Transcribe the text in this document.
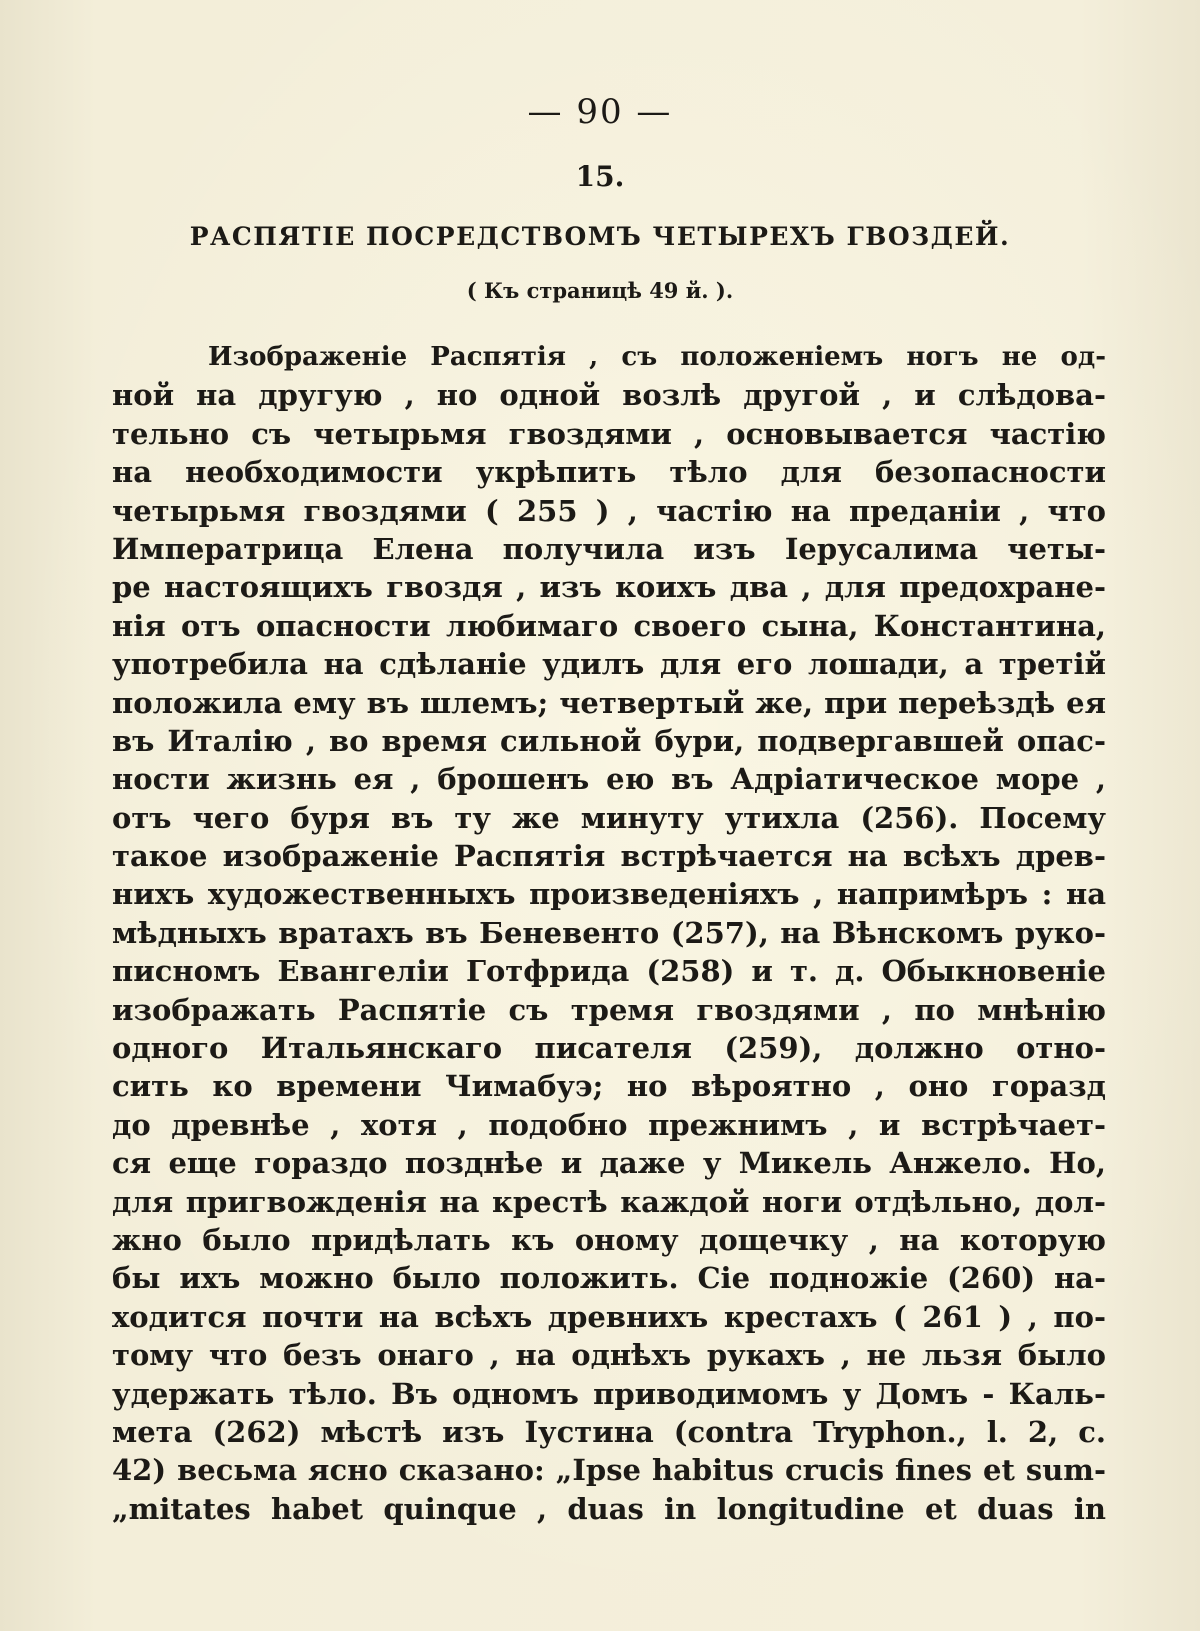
— 90 —
15.
РАСПЯТІЕ ПОСРЕДСТВОМЪ ЧЕТЫРЕХЪ ГВОЗДЕЙ.
( Къ страницѣ 49 й. ).
Изображеніе Распятія , съ положеніемъ ногъ не од-
ной на другую , но одной возлѣ другой , и слѣдова-
тельно съ четырьмя гвоздями , основывается частію
на необходимости укрѣпить тѣло для безопасности
четырьмя гвоздями ( 255 ) , частію на преданіи , что
Императрица Елена получила изъ Іерусалима четы-
ре настоящихъ гвоздя , изъ коихъ два , для предохране-
нія отъ опасности любимаго своего сына, Константина,
употребила на сдѣланіе удилъ для его лошади, а третій
положила ему въ шлемъ; четвертый же, при переѣздѣ ея
въ Италію , во время сильной бури, подвергавшей опас-
ности жизнь ея , брошенъ ею въ Адріатическое море ,
отъ чего буря въ ту же минуту утихла (256). Посему
такое изображеніе Распятія встрѣчается на всѣхъ древ-
нихъ художественныхъ произведеніяхъ , напримѣръ : на
мѣдныхъ вратахъ въ Беневенто (257), на Вѣнскомъ руко-
писномъ Евангеліи Готфрида (258) и т. д. Обыкновеніе
изображать Распятіе съ тремя гвоздями , по мнѣнію
одного Итальянскаго писателя (259), должно отно-
сить ко времени Чимабуэ; но вѣроятно , оно горазд
до древнѣе , хотя , подобно прежнимъ , и встрѣчает-
ся еще гораздо позднѣе и даже у Микель Анжело. Но,
для пригвожденія на крестѣ каждой ноги отдѣльно, дол-
жно было придѣлать къ оному дощечку , на которую
бы ихъ можно было положить. Сіе подножіе (260) на-
ходится почти на всѣхъ древнихъ крестахъ ( 261 ) , по-
тому что безъ онаго , на однѣхъ рукахъ , не льзя было
удержать тѣло. Въ одномъ приводимомъ у Домъ - Каль-
мета (262) мѣстѣ изъ Іустина (contra Tryphon., l. 2, c.
42) весьма ясно сказано: „Ipse habitus crucis fines et sum-
„mitates habet quinque , duas in longitudine et duas in
